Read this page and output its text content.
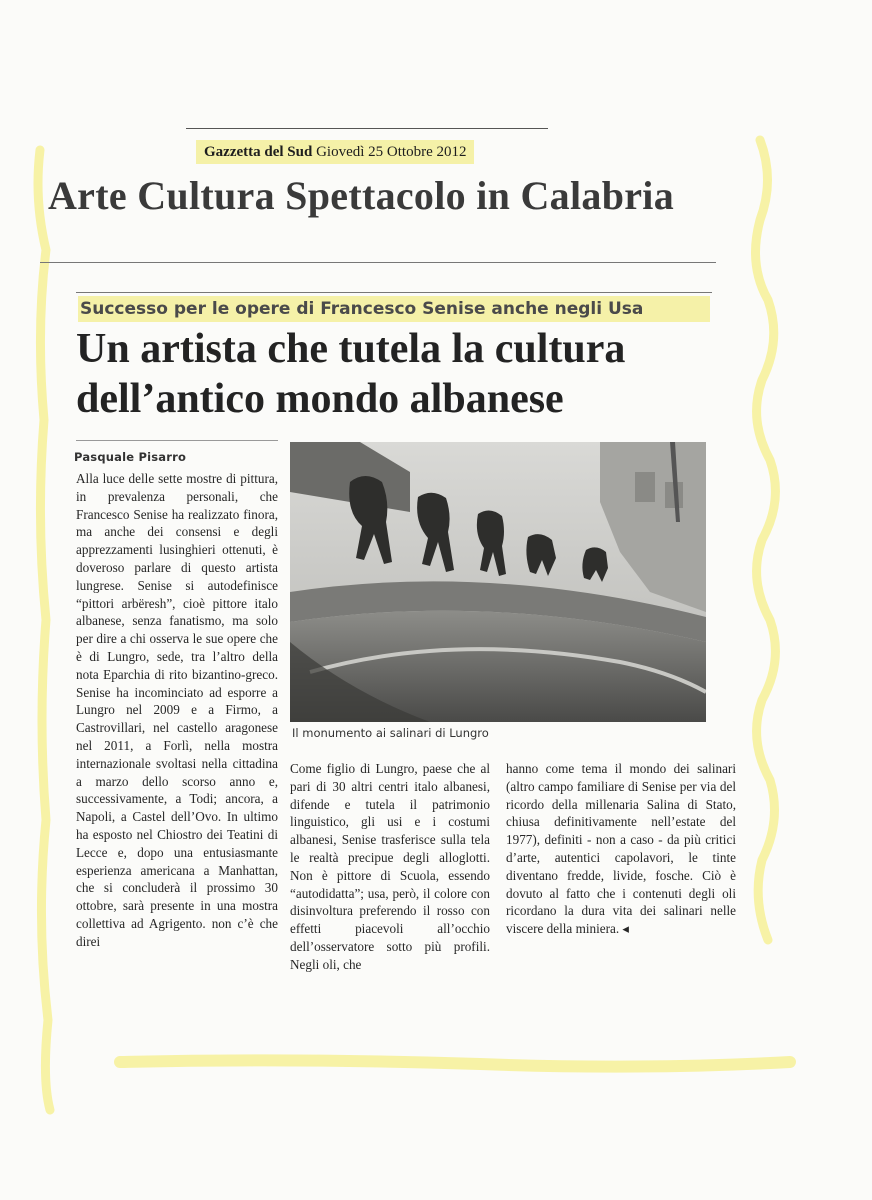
Gazzetta del Sud Giovedì 25 Ottobre 2012
Arte Cultura Spettacolo in Calabria
Successo per le opere di Francesco Senise anche negli Usa
Un artista che tutela la cultura
dell’antico mondo albanese
Pasquale Pisarro
Il monumento ai salinari di Lungro
Alla luce delle sette mostre di pittura, in prevalenza personali, che Francesco Senise ha realizzato finora, ma anche dei consensi e degli apprezzamenti lusinghieri ottenuti, è doveroso parlare di questo artista lungrese. Senise si autodefinisce “pittori arbëresh”, cioè pittore italo albanese, senza fanatismo, ma solo per dire a chi osserva le sue opere che è di Lungro, sede, tra l’altro della nota Eparchia di rito bizantino-greco. Senise ha incominciato ad esporre a Lungro nel 2009 e a Firmo, a Castrovillari, nel castello aragonese nel 2011, a Forlì, nella mostra internazionale svoltasi nella cittadina a marzo dello scorso anno e, successivamente, a Todi; ancora, a Napoli, a Castel dell’Ovo. In ultimo ha esposto nel Chiostro dei Teatini di Lecce e, dopo una entusiasmante esperienza americana a Manhattan, che si concluderà il prossimo 30 ottobre, sarà presente in una mostra collettiva ad Agrigento. non c’è che direi
Come figlio di Lungro, paese che al pari di 30 altri centri italo albanesi, difende e tutela il patrimonio linguistico, gli usi e i costumi albanesi, Senise trasferisce sulla tela le realtà precipue degli alloglotti. Non è pittore di Scuola, essendo “autodidatta”; usa, però, il colore con disinvoltura preferendo il rosso con effetti piacevoli all’occhio dell’osservatore sotto più profili. Negli oli, che
hanno come tema il mondo dei salinari (altro campo familiare di Senise per via del ricordo della millenaria Salina di Stato, chiusa definitivamente nell’estate del 1977), definiti - non a caso - da più critici d’arte, autentici capolavori, le tinte diventano fredde, livide, fosche. Ciò è dovuto al fatto che i contenuti degli oli ricordano la dura vita dei salinari nelle viscere della miniera. ◂
